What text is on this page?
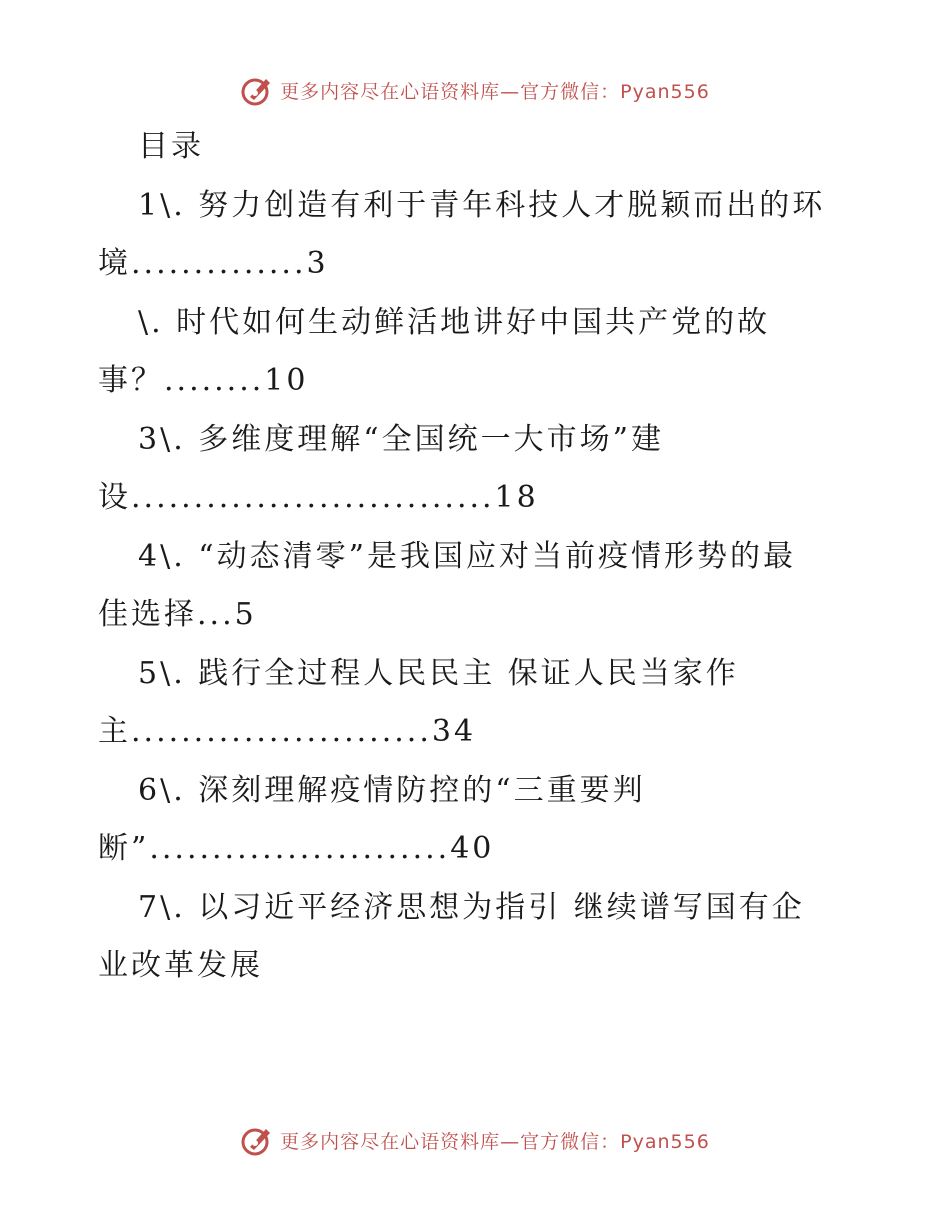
更多内容尽在心语资料库—官方微信：Pyan556
目录
1\. 努力创造有利于青年科技人才脱颖而出的环
境..............3
\. 时代如何生动鲜活地讲好中国共产党的故
事？........10
3\. 多维度理解“全国统一大市场”建
设.............................18
4\. “动态清零”是我国应对当前疫情形势的最
佳选择...5
5\. 践行全过程人民民主 保证人民当家作
主........................34
6\. 深刻理解疫情防控的“三重要判
断”........................40
7\. 以习近平经济思想为指引 继续谱写国有企
业改革发展
更多内容尽在心语资料库—官方微信：Pyan556
